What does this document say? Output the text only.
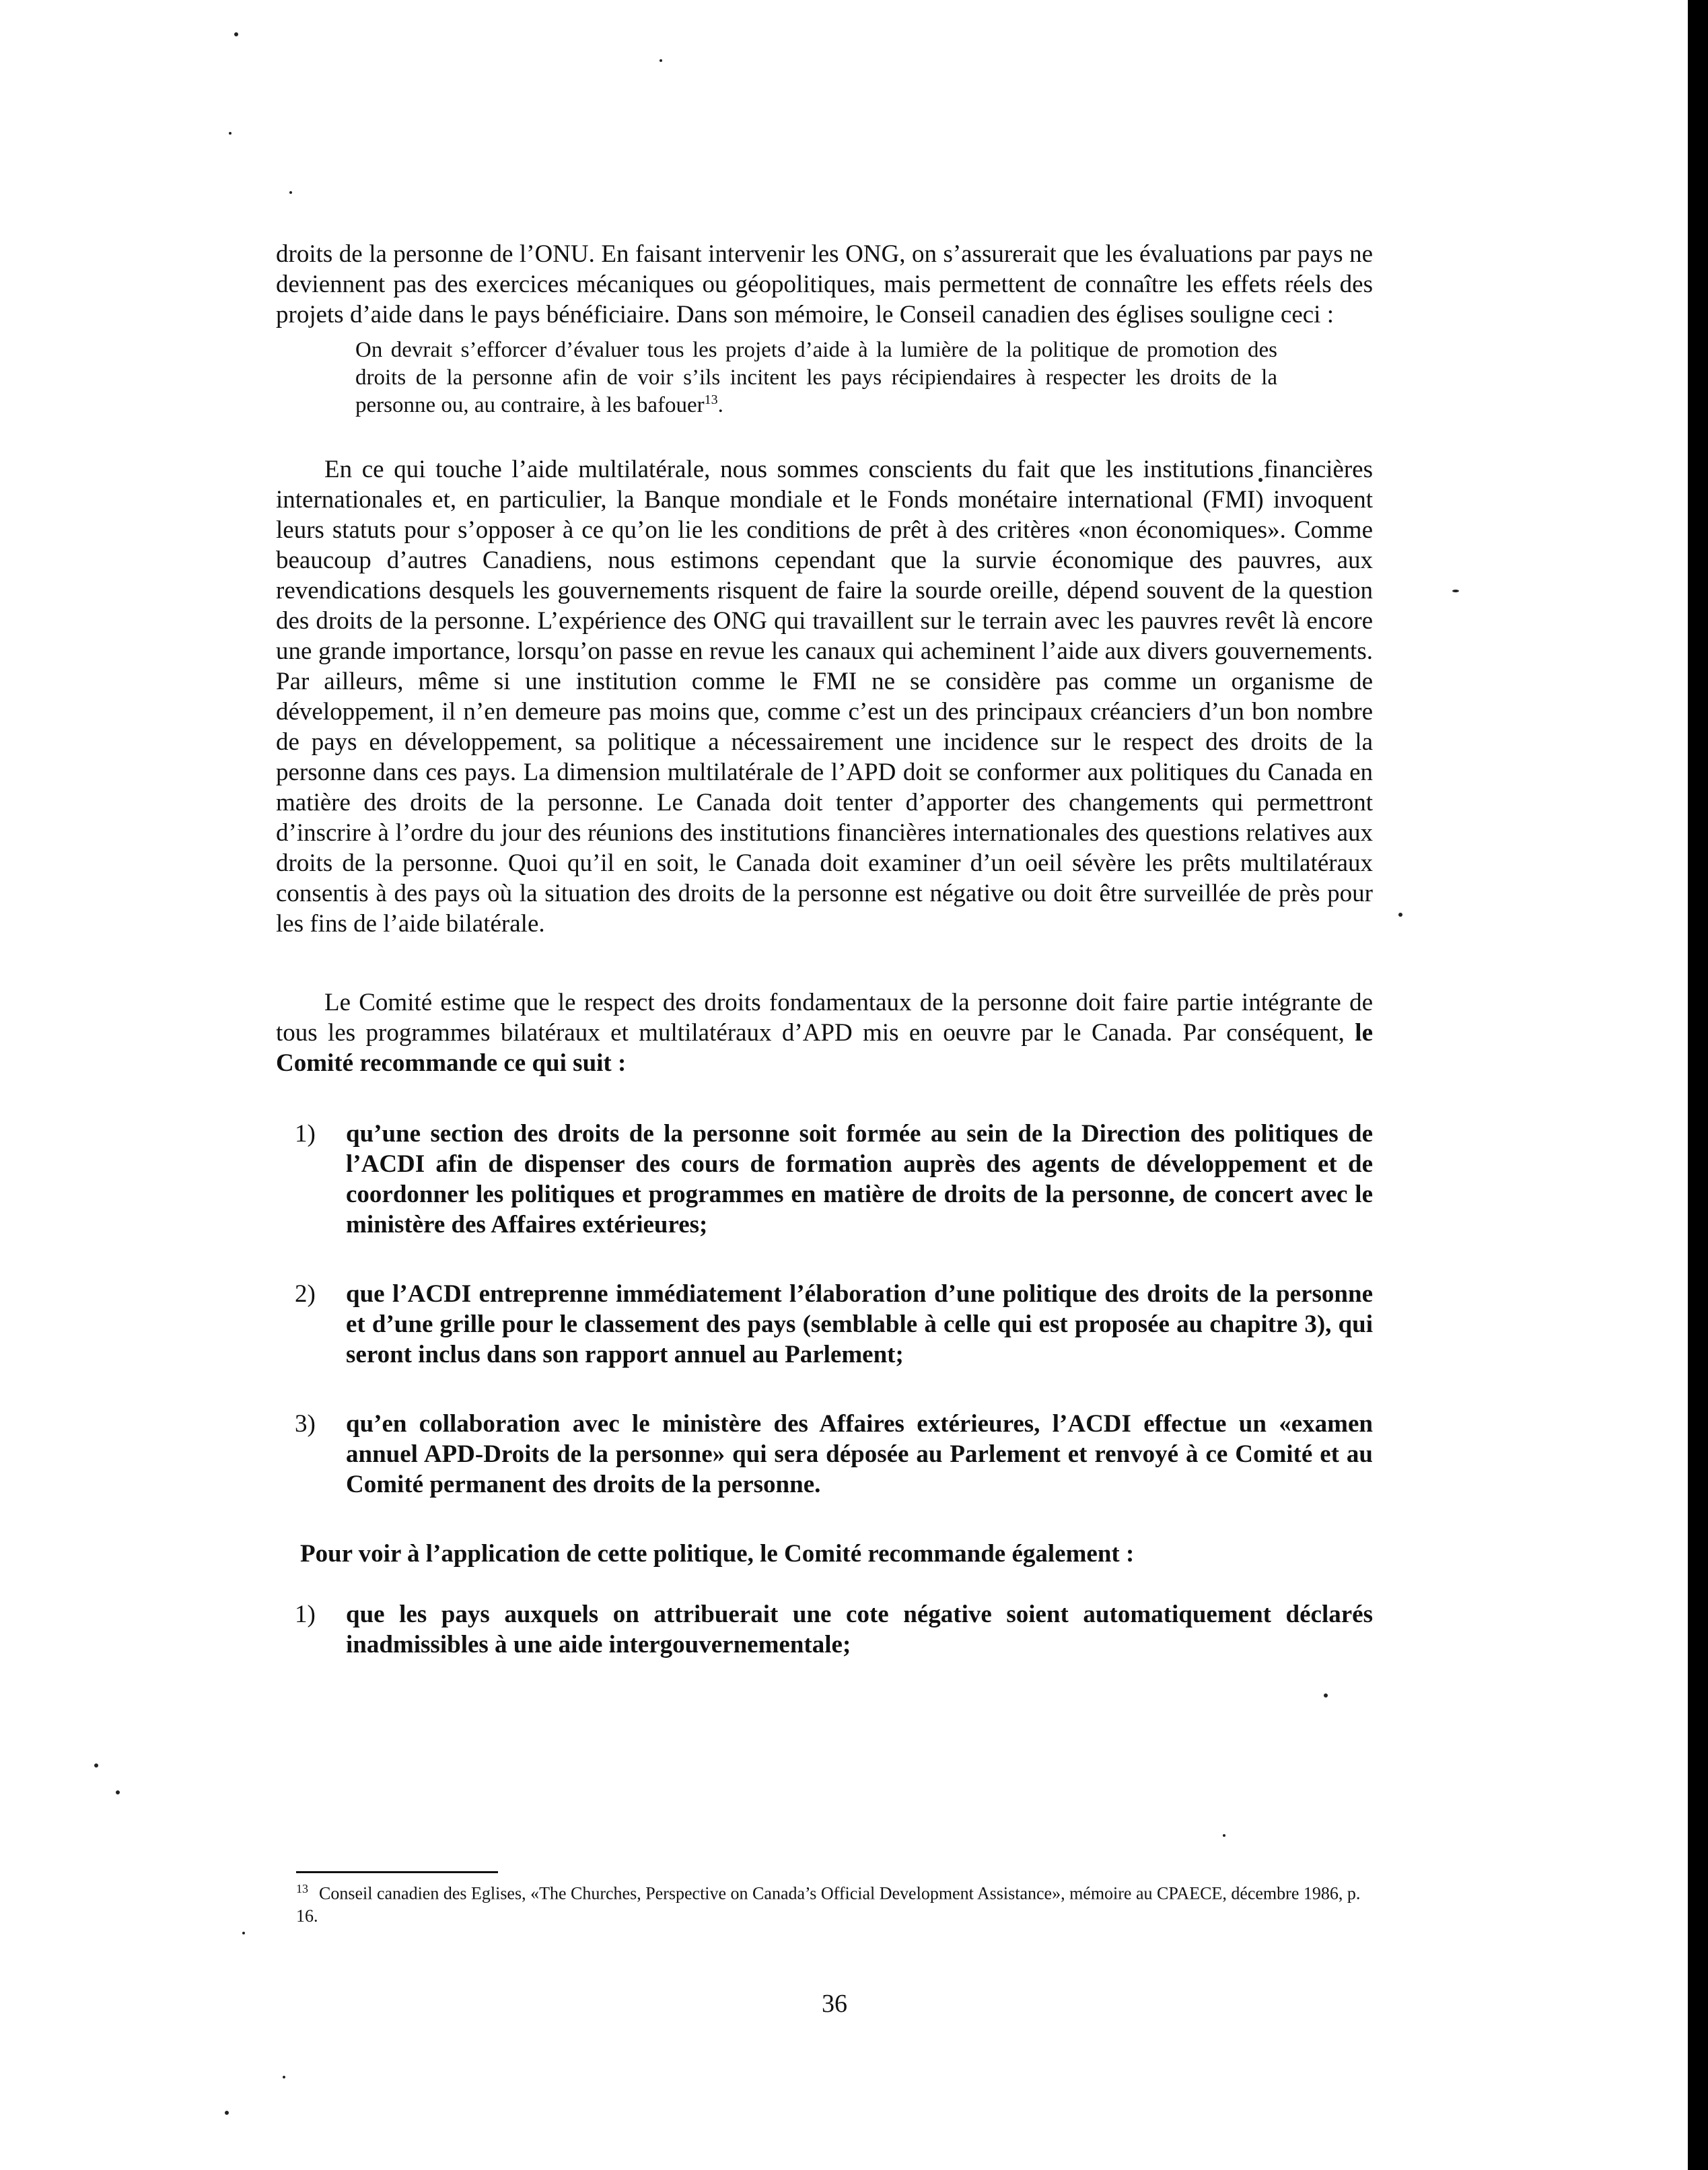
droits de la personne de l’ONU. En faisant intervenir les ONG, on s’assurerait que les évaluations par pays ne deviennent pas des exercices mécaniques ou géopolitiques, mais permettent de connaître les effets réels des projets d’aide dans le pays bénéficiaire. Dans son mémoire, le Conseil canadien des églises souligne ceci :

On devrait s’efforcer d’évaluer tous les projets d’aide à la lumière de la politique de promotion des droits de la personne afin de voir s’ils incitent les pays récipiendaires à respecter les droits de la personne ou, au contraire, à les bafouer$^{13}$.

En ce qui touche l’aide multilatérale, nous sommes conscients du fait que les institutions financières internationales et, en particulier, la Banque mondiale et le Fonds monétaire international (FMI) invoquent leurs statuts pour s’opposer à ce qu’on lie les conditions de prêt à des critères «non économiques». Comme beaucoup d’autres Canadiens, nous estimons cependant que la survie économique des pauvres, aux revendications desquels les gouvernements risquent de faire la sourde oreille, dépend souvent de la question des droits de la personne. L’expérience des ONG qui travaillent sur le terrain avec les pauvres revêt là encore une grande importance, lorsqu’on passe en revue les canaux qui acheminent l’aide aux divers gouvernements. Par ailleurs, même si une institution comme le FMI ne se considère pas comme un organisme de développement, il n’en demeure pas moins que, comme c’est un des principaux créanciers d’un bon nombre de pays en développement, sa politique a nécessairement une incidence sur le respect des droits de la personne dans ces pays. La dimension multilatérale de l’APD doit se conformer aux politiques du Canada en matière des droits de la personne. Le Canada doit tenter d’apporter des changements qui permettront d’inscrire à l’ordre du jour des réunions des institutions financières internationales des questions relatives aux droits de la personne. Quoi qu’il en soit, le Canada doit examiner d’un oeil sévère les prêts multilatéraux consentis à des pays où la situation des droits de la personne est négative ou doit être surveillée de près pour les fins de l’aide bilatérale.

Le Comité estime que le respect des droits fondamentaux de la personne doit faire partie intégrante de tous les programmes bilatéraux et multilatéraux d’APD mis en oeuvre par le Canada. Par conséquent, le Comité recommande ce qui suit :

1) qu’une section des droits de la personne soit formée au sein de la Direction des politiques de l’ACDI afin de dispenser des cours de formation auprès des agents de développement et de coordonner les politiques et programmes en matière de droits de la personne, de concert avec le ministère des Affaires extérieures;

2) que l’ACDI entreprenne immédiatement l’élaboration d’une politique des droits de la personne et d’une grille pour le classement des pays (semblable à celle qui est proposée au chapitre 3), qui seront inclus dans son rapport annuel au Parlement;

3) qu’en collaboration avec le ministère des Affaires extérieures, l’ACDI effectue un «examen annuel APD-Droits de la personne» qui sera déposée au Parlement et renvoyé à ce Comité et au Comité permanent des droits de la personne.

Pour voir à l’application de cette politique, le Comité recommande également :

1) que les pays auxquels on attribuerait une cote négative soient automatiquement déclarés inadmissibles à une aide intergouvernementale;

$^{13}$ Conseil canadien des Eglises, «The Churches, Perspective on Canada’s Official Development Assistance», mémoire au CPAECE, décembre 1986, p. 16.

36
